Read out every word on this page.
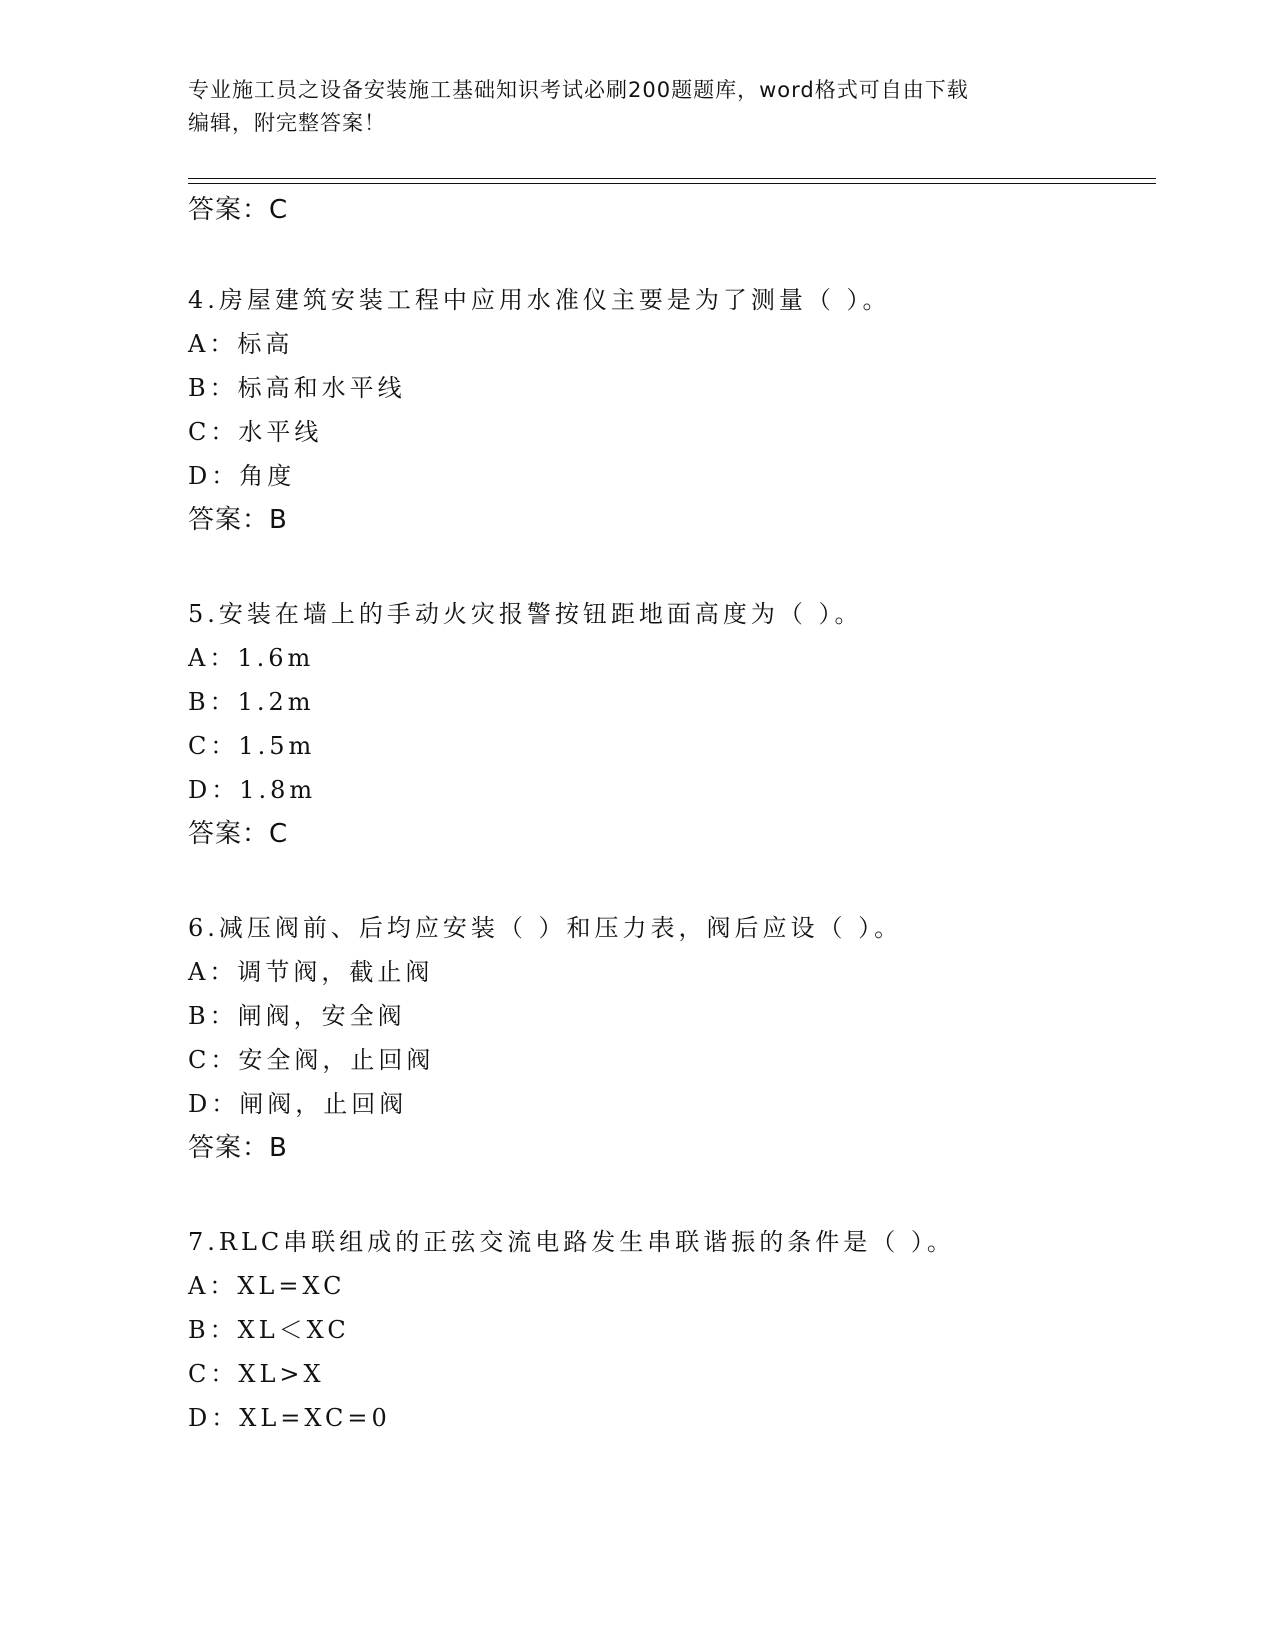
专业施工员之设备安装施工基础知识考试必刷200题题库，word格式可自由下载
编辑，附完整答案！
答案：C
4.房屋建筑安装工程中应用水准仪主要是为了测量（ ）。
A：标高
B：标高和水平线
C：水平线
D：角度
答案：B
5.安装在墙上的手动火灾报警按钮距地面高度为（ ）。
A：1.6m
B：1.2m
C：1.5m
D：1.8m
答案：C
6.减压阀前、后均应安装（ ）和压力表，阀后应设（ ）。
A：调节阀，截止阀
B：闸阀，安全阀
C：安全阀，止回阀
D：闸阀，止回阀
答案：B
7.RLC串联组成的正弦交流电路发生串联谐振的条件是（ ）。
A：XL=XC
B：XL＜XC
C：XL>X
D：XL=XC=0
